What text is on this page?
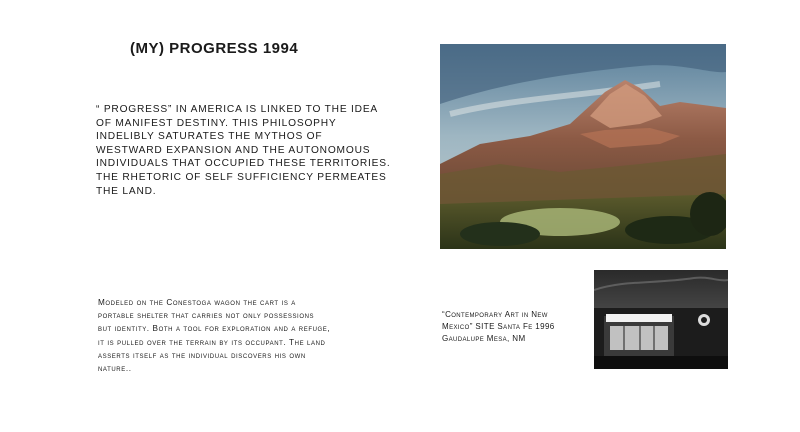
(MY) PROGRESS 1994

“ PROGRESS” IN AMERICA IS LINKED TO THE IDEA
OF MANIFEST DESTINY. THIS PHILOSOPHY
INDELIBLY SATURATES THE MYTHOS OF
WESTWARD EXPANSION AND THE AUTONOMOUS
INDIVIDUALS THAT OCCUPIED THESE TERRITORIES.
THE RHETORIC OF SELF SUFFICIENCY PERMEATES
THE LAND.

Modeled on the Conestoga wagon the cart is a
portable shelter that carries not only possessions
but identity. Both a tool for exploration and a refuge,
it is pulled over the terrain by its occupant. The land
asserts itself as the individual discovers his own
nature..

“Contemporary Art in New
Mexico” SITE Santa Fe 1996
Gaudalupe Mesa, NM
